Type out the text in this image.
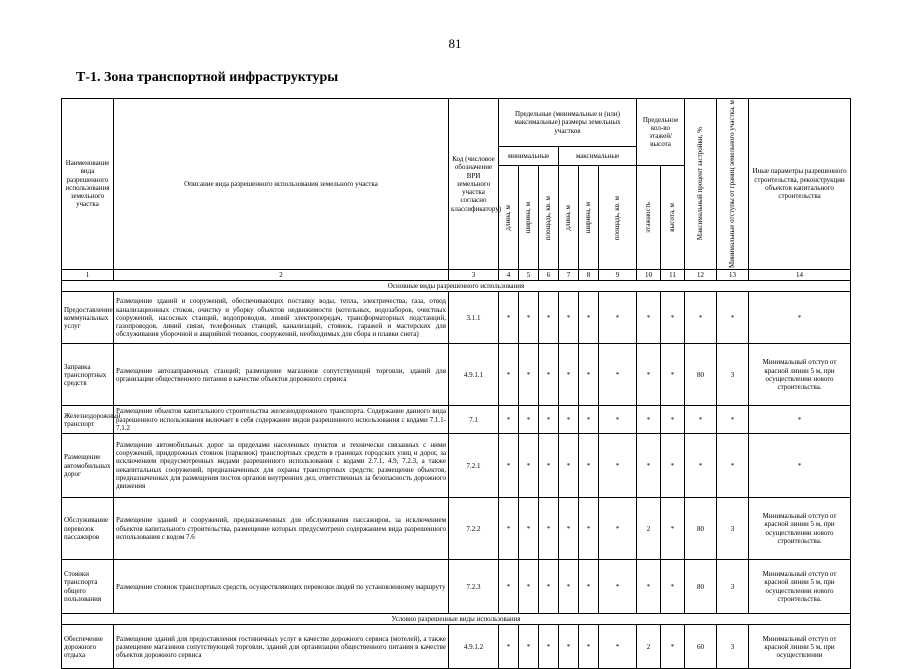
81
Т-1. Зона транспортной инфраструктуры
Наименование вида разрешенного использования земельного участка	Описание вида разрешенного использования земельного участка	Код (числовое обозначение ВРИ земельного участка согласно классификатору)	Предельные (минимальные и (или) максимальные) размеры земельных участков						Предельное кол-во этажей/высота		Максимальный процент застройки, %	Минимальные отступы от границ земельного участка, м	Иные параметры разрешенного строительства, реконструкции объектов капитального строительства
			минимальные			максимальные							

			длина, м	ширина, м	площадь, кв. м	длина, м	ширина, м	площадь, кв. м	этажность	высота, м			

1	2	3	4	5	6	7	8	9	10	11	12	13	14
Основные виды разрешенного использования													
Предоставление коммунальных услуг	Размещение зданий и сооружений, обеспечивающих поставку воды, тепла, электричества, газа, отвод канализационных стоков, очистку и уборку объектов недвижимости (котельных, водозаборов, очистных сооружений, насосных станций, водопроводов, линий электропередач, трансформаторных подстанций, газопроводов, линий связи, телефонных станций, канализаций, стоянок, гаражей и мастерских для обслуживания уборочной и аварийной техники, сооружений, необходимых для сбора и плавки снега)	3.1.1	*	*	*	*	*	*	*	*	*	*	*
Заправка транспортных средств	Размещение автозаправочных станций; размещение магазинов сопутствующей торговли, зданий для организации общественного питания в качестве объектов дорожного сервиса	4.9.1.1	*	*	*	*	*	*	*	*	80	3	Минимальный отступ от красной линии 5 м, при осуществлении нового строительства.
Железнодорожный транспорт	Размещение объектов капитального строительства железнодорожного транспорта. Содержание данного вида разрешенного использования включает в себя содержание видов разрешенного использования с кодами 7.1.1-7.1.2	7.1	*	*	*	*	*	*	*	*	*	*	*
Размещение автомобильных дорог	Размещение автомобильных дорог за пределами населенных пунктов и технически связанных с ними сооружений, придорожных стоянок (парковок) транспортных средств в границах городских улиц и дорог, за исключением предусмотренных видами разрешенного использования с кодами 2.7.1, 4.9, 7.2.3, а также некапитальных сооружений, предназначенных для охраны транспортных средств; размещение объектов, предназначенных для размещения постов органов внутренних дел, ответственных за безопасность дорожного движения	7.2.1	*	*	*	*	*	*	*	*	*	*	*
Обслуживание перевозок пассажиров	Размещение зданий и сооружений, предназначенных для обслуживания пассажиров, за исключением объектов капитального строительства, размещение которых предусмотрено содержанием вида разрешенного использования с кодом 7.6	7.2.2	*	*	*	*	*	*	2	*	80	3	Минимальный отступ от красной линии 5 м, при осуществлении нового строительства.
Стоянки транспорта общего пользования	Размещение стоянок транспортных средств, осуществляющих перевозки людей по установленному маршруту	7.2.3	*	*	*	*	*	*	*	*	80	3	Минимальный отступ от красной линии 5 м, при осуществлении нового строительства.
Условно разрешенные виды использования													
Обеспечение дорожного отдыха	Размещение зданий для предоставления гостиничных услуг в качестве дорожного сервиса (мотелей), а также размещение магазинов сопутствующей торговли, зданий для организации общественного питания в качестве объектов дорожного сервиса	4.9.1.2	*	*	*	*	*	*	2	*	60	3	Минимальный отступ от красной линии 5 м, при осуществлении
